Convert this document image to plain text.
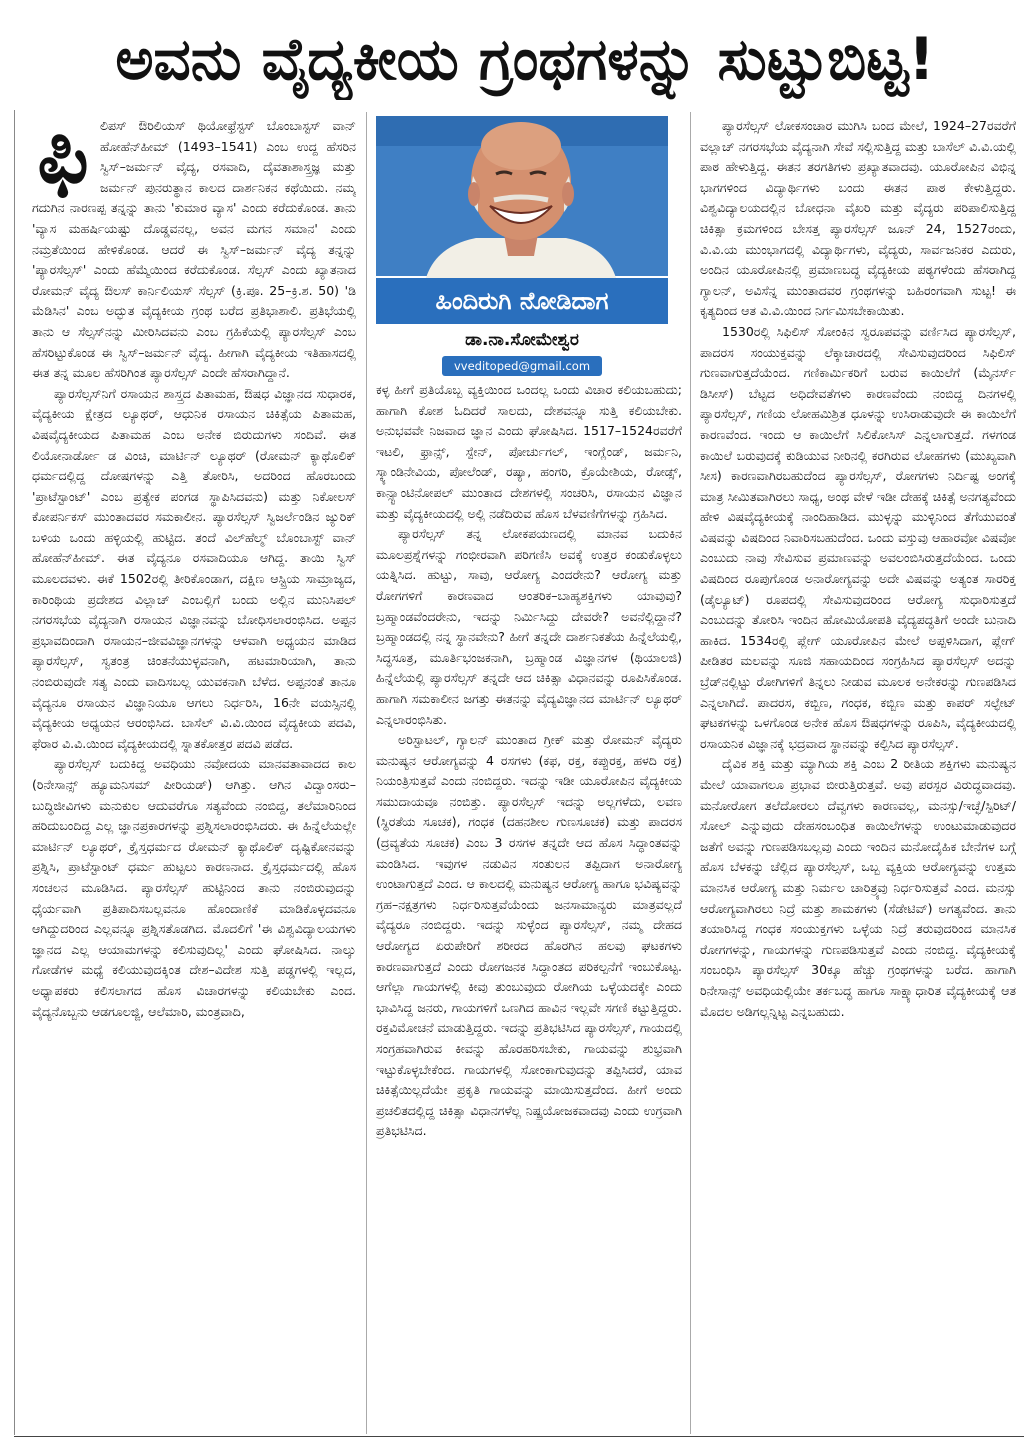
ಅವನು ವೈದ್ಯಕೀಯ ಗ್ರಂಥಗಳನ್ನು ಸುಟ್ಟುಬಿಟ್ಟ!
ಫಿ ಲಿಪಸ್ ಔರಿಲಿಯಸ್ ಥಿಯೋಫ್ರೆಸ್ಟಸ್ ಬೊಂಬಾಸ್ಟಸ್ ವಾನ್ ಹೋಹೆನ್‌ಹೀಮ್ (1493–1541) ಎಂಬ ಉದ್ದ ಹೆಸರಿನ ಸ್ವಿಸ್–ಜರ್ಮನ್ ವೈದ್ಯ, ರಸವಾದಿ, ದೈವತಾಶಾಸ್ತ್ರಜ್ಞ ಮತ್ತು ಜರ್ಮನ್ ಪುನರುತ್ಥಾನ ಕಾಲದ ದಾರ್ಶನಿಕನ ಕಥೆಯಿದು. ನಮ್ಮ ಗದುಗಿನ ನಾರಣಪ್ಪ ತನ್ನನ್ನು ತಾನು 'ಕುಮಾರ ವ್ಯಾಸ' ಎಂದು ಕರೆದುಕೊಂಡ. ತಾನು 'ವ್ಯಾಸ ಮಹರ್ಷಿಯಷ್ಟು ದೊಡ್ಡವನಲ್ಲ, ಅವನ ಮಗನ ಸಮಾನ' ಎಂದು ನಮ್ರತೆಯಿಂದ ಹೇಳಿಕೊಂಡ. ಆದರೆ ಈ ಸ್ವಿಸ್–ಜರ್ಮನ್ ವೈದ್ಯ ತನ್ನನ್ನು 'ಪ್ಯಾರಸೆಲ್ಸಸ್' ಎಂದು ಹೆಮ್ಮೆಯಿಂದ ಕರೆದುಕೊಂಡ. ಸೆಲ್ಸಸ್ ಎಂದು ಖ್ಯಾತನಾದ ರೋಮನ್ ವೈದ್ಯ ಔಲಸ್ ಕಾರ್ನಿಲಿಯಸ್ ಸೆಲ್ಸಸ್ (ಕ್ರಿ.ಪೂ. 25–ಕ್ರಿ.ಶ. 50) 'ಡಿ ಮೆಡಿಸಿನ' ಎಂಬ ಅದ್ಭುತ ವೈದ್ಯಕೀಯ ಗ್ರಂಥ ಬರೆದ ಪ್ರತಿಭಾಶಾಲಿ. ಪ್ರತಿಭೆಯಲ್ಲಿ ತಾನು ಆ ಸೆಲ್ಸಸ್‌ನನ್ನು ಮೀರಿಸಿದವನು ಎಂಬ ಗ್ರಹಿಕೆಯಲ್ಲಿ ಪ್ಯಾರಸೆಲ್ಸಸ್ ಎಂಬ ಹೆಸರಿಟ್ಟುಕೊಂಡ ಈ ಸ್ವಿಸ್–ಜರ್ಮನ್ ವೈದ್ಯ. ಹೀಗಾಗಿ ವೈದ್ಯಕೀಯ ಇತಿಹಾಸದಲ್ಲಿ ಈತ ತನ್ನ ಮೂಲ ಹೆಸರಿಗಿಂತ ಪ್ಯಾರಸೆಲ್ಸಸ್ ಎಂದೇ ಹೆಸರಾಗಿದ್ದಾನೆ.

ಪ್ಯಾರಸೆಲ್ಸಸ್‌ನಿಗೆ ರಸಾಯನ ಶಾಸ್ತ್ರದ ಪಿತಾಮಹ, ಔಷಧ ವಿಜ್ಞಾನದ ಸುಧಾರಕ, ವೈದ್ಯಕೀಯ ಕ್ಷೇತ್ರದ ಲ್ಯೂಥರ್, ಆಧುನಿಕ ರಸಾಯನ ಚಿಕಿತ್ಸೆಯ ಪಿತಾಮಹ, ವಿಷವೈದ್ಯಕೀಯದ ಪಿತಾಮಹ ಎಂಬ ಅನೇಕ ಬಿರುದುಗಳು ಸಂದಿವೆ. ಈತ ಲಿಯೋನಾರ್ಡೋ ಡ ವಿಂಚಿ, ಮಾರ್ಟಿನ್ ಲ್ಯೂಥರ್ (ರೋಮನ್ ಕ್ಯಾಥೊಲಿಕ್ ಧರ್ಮದಲ್ಲಿದ್ದ ದೋಷಗಳನ್ನು ಎತ್ತಿ ತೋರಿಸಿ, ಅದರಿಂದ ಹೊರಬಂದು 'ಪ್ರಾಟೆಸ್ಟಾಂಟ್' ಎಂಬ ಪ್ರತ್ಯೇಕ ಪಂಗಡ ಸ್ಥಾಪಿಸಿದವನು) ಮತ್ತು ನಿಕೋಲಸ್ ಕೋಪರ್ನಿಕಸ್ ಮುಂತಾದವರ ಸಮಕಾಲೀನ. ಪ್ಯಾರಸೆಲ್ಸಸ್ ಸ್ವಿಜರ್ಲೆಂಡಿನ ಜ್ಯುರಿಕ್ ಬಳಿಯ ಒಂದು ಹಳ್ಳಿಯಲ್ಲಿ ಹುಟ್ಟಿದ. ತಂದೆ ವಿಲ್‌ಹೆಲ್ಮ್ ಬೊಂಬಾಸ್ಟ್ ವಾನ್ ಹೋಹೆನ್‌ಹೀಮ್. ಈತ ವೈದ್ಯನೂ ರಸವಾದಿಯೂ ಆಗಿದ್ದ. ತಾಯಿ ಸ್ವಿಸ್ ಮೂಲದವಳು. ಈಕೆ 1502ರಲ್ಲಿ ತೀರಿಕೊಂಡಾಗ, ದಕ್ಷಿಣ ಆಸ್ಟ್ರಿಯ ಸಾಮ್ರಾಜ್ಯದ, ಕಾರಿಂಥಿಯ ಪ್ರದೇಶದ ವಿಲ್ಲಾಚ್ ಎಂಬಲ್ಲಿಗೆ ಬಂದು ಅಲ್ಲಿನ ಮುನಿಸಿಪಲ್ ನಗರಸಭೆಯ ವೈದ್ಯನಾಗಿ ರಸಾಯನ ವಿಜ್ಞಾನವನ್ನು ಬೋಧಿಸಲಾರಂಭಿಸಿದ. ಅಪ್ಪನ ಪ್ರಭಾವದಿಂದಾಗಿ ರಸಾಯನ–ಜೀವವಿಜ್ಞಾನಗಳನ್ನು ಆಳವಾಗಿ ಅಧ್ಯಯನ ಮಾಡಿದ ಪ್ಯಾರಸೆಲ್ಸಸ್, ಸ್ವತಂತ್ರ ಚಿಂತನೆಯುಳ್ಳವನಾಗಿ, ಹಟಮಾರಿಯಾಗಿ, ತಾನು ನಂಬಿರುವುದೇ ಸತ್ಯ ಎಂದು ವಾದಿಸಬಲ್ಲ ಯುವಕನಾಗಿ ಬೆಳೆದ. ಅಪ್ಪನಂತೆ ತಾನೂ ವೈದ್ಯನೂ ರಸಾಯನ ವಿಜ್ಞಾನಿಯೂ ಆಗಲು ನಿರ್ಧರಿಸಿ, 16ನೇ ವಯಸ್ಸಿನಲ್ಲಿ ವೈದ್ಯಕೀಯ ಅಧ್ಯಯನ ಆರಂಭಿಸಿದ. ಬಾಸೆಲ್ ವಿ.ವಿ.ಯಿಂದ ವೈದ್ಯಕೀಯ ಪದವಿ, ಫೆರಾರ ವಿ.ವಿ.ಯಿಂದ ವೈದ್ಯಕೀಯದಲ್ಲಿ ಸ್ನಾತಕೋತ್ತರ ಪದವಿ ಪಡೆದ.

ಪ್ಯಾರಸೆಲ್ಸಸ್ ಬದುಕಿದ್ದ ಅವಧಿಯು ನವೋದಯ ಮಾನವತಾವಾದದ ಕಾಲ (ರಿನೇಸಾನ್ಸ್ ಹ್ಯೂಮನಿಸಮ್ ಪೀರಿಯಡ್) ಆಗಿತ್ತು. ಆಗಿನ ವಿದ್ವಾಂಸರು–ಬುದ್ಧಿಜೀವಿಗಳು ಮನುಕುಲ ಆದುವರೆಗೂ ಸತ್ಯವೆಂದು ನಂಬಿದ್ದ, ತಲೆಮಾರಿನಿಂದ ಹರಿದುಬಂದಿದ್ದ ಎಲ್ಲ ಜ್ಞಾನಪ್ರಕಾರಗಳನ್ನು ಪ್ರಶ್ನಿಸಲಾರಂಭಿಸಿದರು. ಈ ಹಿನ್ನೆಲೆಯಲ್ಲೇ ಮಾರ್ಟಿನ್ ಲ್ಯೂಥರ್, ಕ್ರೈಸ್ತಧರ್ಮದ ರೋಮನ್ ಕ್ಯಾಥೊಲಿಕ್ ದೃಷ್ಟಿಕೋನವನ್ನು ಪ್ರಶ್ನಿಸಿ, ಪ್ರಾಟೆಸ್ಟಾಂಟ್ ಧರ್ಮ ಹುಟ್ಟಲು ಕಾರಣನಾದ. ಕ್ರೈಸ್ತಧರ್ಮದಲ್ಲಿ ಹೊಸ ಸಂಚಲನ ಮೂಡಿಸಿದ. ಪ್ಯಾರಸೆಲ್ಸಸ್ ಹುಟ್ಟಿನಿಂದ ತಾನು ನಂಬಿರುವುದನ್ನು ಧೈರ್ಯವಾಗಿ ಪ್ರತಿಪಾದಿಸಬಲ್ಲವನೂ ಹೊಂದಾಣಿಕೆ ಮಾಡಿಕೊಳ್ಳದವನೂ ಆಗಿದ್ದುದರಿಂದ ಎಲ್ಲವನ್ನೂ ಪ್ರಶ್ನಿಸತೊಡಗಿದ. ಮೊದಲಿಗೆ 'ಈ ವಿಶ್ವವಿದ್ಯಾಲಯಗಳು ಜ್ಞಾನದ ಎಲ್ಲ ಆಯಾಮಗಳನ್ನು ಕಲಿಸುವುದಿಲ್ಲ' ಎಂದು ಘೋಷಿಸಿದ. ನಾಲ್ಕು ಗೋಡೆಗಳ ಮಧ್ಯೆ ಕಲಿಯುವುದಕ್ಕಿಂತ ದೇಶ–ವಿದೇಶ ಸುತ್ತಿ ಪಡ್ಡಗಳಲ್ಲಿ ಇಲ್ಲದ, ಅಧ್ಯಾಪಕರು ಕಲಿಸಲಾಗದ ಹೊಸ ವಿಚಾರಗಳನ್ನು ಕಲಿಯಬೇಕು ಎಂದ. ವೈದ್ಯನೊಬ್ಬನು ಆಡಗೂಲಜ್ಜಿ, ಆಲೆಮಾರಿ, ಮಂತ್ರವಾದಿ,

ಹಿಂದಿರುಗಿ ನೋಡಿದಾಗ
ಡಾ.ನಾ.ಸೋಮೇಶ್ವರ
vveditoped@gmail.com

ಕಳ್ಳ ಹೀಗೆ ಪ್ರತಿಯೊಬ್ಬ ವ್ಯಕ್ತಿಯಿಂದ ಒಂದಲ್ಲ ಒಂದು ವಿಚಾರ ಕಲಿಯಬಹುದು; ಹಾಗಾಗಿ ಕೋಶ ಓದಿದರೆ ಸಾಲದು, ದೇಶವನ್ನೂ ಸುತ್ತಿ ಕಲಿಯಬೇಕು. ಅನುಭವವೇ ನಿಜವಾದ ಜ್ಞಾನ ಎಂದು ಘೋಷಿಸಿದ. 1517–1524ರವರೆಗೆ ಇಟಲಿ, ಫ್ರಾನ್ಸ್, ಸ್ಪೇನ್, ಪೋರ್ಚುಗಲ್, ಇಂಗ್ಲೆಂಡ್, ಜರ್ಮನಿ, ಸ್ಕ್ಯಾಂಡಿನೇವಿಯ, ಪೋಲೆಂಡ್, ರಷ್ಯಾ, ಹಂಗರಿ, ಕ್ರೊಯೇಶಿಯ, ರೋಡ್ಸ್, ಕಾನ್ಸ್ಟಾಂಟಿನೋಪಲ್ ಮುಂತಾದ ದೇಶಗಳಲ್ಲಿ ಸಂಚರಿಸಿ, ರಸಾಯನ ವಿಜ್ಞಾನ ಮತ್ತು ವೈದ್ಯಕೀಯದಲ್ಲಿ ಅಲ್ಲಿ ನಡೆದಿರುವ ಹೊಸ ಬೆಳವಣಿಗೆಗಳನ್ನು ಗ್ರಹಿಸಿದ.

ಪ್ಯಾರಸೆಲ್ಸಸ್ ತನ್ನ ಲೋಕಪಯಣದಲ್ಲಿ ಮಾನವ ಬದುಕಿನ ಮೂಲಪ್ರಶ್ನೆಗಳನ್ನು ಗಂಭೀರವಾಗಿ ಪರಿಗಣಿಸಿ ಅವಕ್ಕೆ ಉತ್ತರ ಕಂಡುಕೊಳ್ಳಲು ಯತ್ನಿಸಿದ. ಹುಟ್ಟು, ಸಾವು, ಆರೋಗ್ಯ ಎಂದರೇನು? ಆರೋಗ್ಯ ಮತ್ತು ರೋಗಗಳಿಗೆ ಕಾರಣವಾದ ಆಂತರಿಕ–ಬಾಹ್ಯಶಕ್ತಿಗಳು ಯಾವುವು? ಬ್ರಹ್ಮಾಂಡವೆಂದರೇನು, ಇದನ್ನು ನಿರ್ಮಿಸಿದ್ದು ದೇವರೇ? ಅವನೆಲ್ಲಿದ್ದಾನೆ? ಬ್ರಹ್ಮಾಂಡದಲ್ಲಿ ನನ್ನ ಸ್ಥಾನವೇನು? ಹೀಗೆ ತನ್ನದೇ ದಾರ್ಶನಿಕತೆಯ ಹಿನ್ನೆಲೆಯಲ್ಲಿ, ಸಿದ್ಧಸೂತ್ರ, ಮೂರ್ತಿಭಂಜಕನಾಗಿ, ಬ್ರಹ್ಮಾಂಡ ವಿಜ್ಞಾನಗಳ (ಥಿಯಾಲಜಿ) ಹಿನ್ನೆಲೆಯಲ್ಲಿ ಪ್ಯಾರಸೆಲ್ಸಸ್ ತನ್ನದೇ ಆದ ಚಿಕಿತ್ಸಾ ವಿಧಾನವನ್ನು ರೂಪಿಸಿಕೊಂಡ. ಹಾಗಾಗಿ ಸಮಕಾಲೀನ ಜಗತ್ತು ಈತನನ್ನು ವೈದ್ಯವಿಜ್ಞಾನದ ಮಾರ್ಟಿನ್ ಲ್ಯೂಥರ್ ಎನ್ನಲಾರಂಭಿಸಿತು.

ಅರಿಸ್ಟಾಟಲ್, ಗ್ಯಾಲನ್ ಮುಂತಾದ ಗ್ರೀಕ್ ಮತ್ತು ರೋಮನ್ ವೈದ್ಯರು ಮನುಷ್ಯನ ಆರೋಗ್ಯವನ್ನು 4 ರಸಗಳು (ಕಫ, ರಕ್ತ, ಕಪ್ಪುರಕ್ತ, ಹಳದಿ ರಕ್ತ) ನಿಯಂತ್ರಿಸುತ್ತವೆ ಎಂದು ನಂಬಿದ್ದರು. ಇದನ್ನು ಇಡೀ ಯೂರೋಪಿನ ವೈದ್ಯಕೀಯ ಸಮುದಾಯವೂ ನಂಬಿತ್ತು. ಪ್ಯಾರಸೆಲ್ಸಸ್ ಇದನ್ನು ಅಲ್ಲಗಳೆದು, ಲವಣ (ಸ್ಥಿರತೆಯ ಸೂಚಕ), ಗಂಧಕ (ದಹನಶೀಲ ಗುಣಸೂಚಕ) ಮತ್ತು ಪಾದರಸ (ದ್ರವ್ಯತೆಯ ಸೂಚಕ) ಎಂಬ 3 ರಸಗಳ ತನ್ನದೇ ಆದ ಹೊಸ ಸಿದ್ಧಾಂತವನ್ನು ಮಂಡಿಸಿದ. ಇವುಗಳ ನಡುವಿನ ಸಂತುಲನ ತಪ್ಪಿದಾಗ ಅನಾರೋಗ್ಯ ಉಂಟಾಗುತ್ತದೆ ಎಂದ. ಆ ಕಾಲದಲ್ಲಿ ಮನುಷ್ಯನ ಆರೋಗ್ಯ ಹಾಗೂ ಭವಿಷ್ಯವನ್ನು ಗ್ರಹ–ನಕ್ಷತ್ರಗಳು ನಿರ್ಧರಿಸುತ್ತವೆಯೆಂದು ಜನಸಾಮಾನ್ಯರು ಮಾತ್ರವಲ್ಲದೆ ವೈದ್ಯರೂ ನಂಬಿದ್ದರು. ಇದನ್ನು ಸುಳ್ಳೆಂದ ಪ್ಯಾರಸೆಲ್ಸಸ್, ನಮ್ಮ ದೇಹದ ಆರೋಗ್ಯದ ಏರುಪೇರಿಗೆ ಶರೀರದ ಹೊರಗಿನ ಹಲವು ಘಟಕಗಳು ಕಾರಣವಾಗುತ್ತದೆ ಎಂದು ರೋಗಜನಕ ಸಿದ್ಧಾಂತದ ಪರಿಕಲ್ಪನೆಗೆ ಇಂಬುಕೊಟ್ಟ. ಆಗೆಲ್ಲಾ ಗಾಯಗಳಲ್ಲಿ ಕೀವು ತುಂಬುವುದು ರೋಗಿಯ ಒಳ್ಳೆಯದಕ್ಕೇ ಎಂದು ಭಾವಿಸಿದ್ದ ಜನರು, ಗಾಯಗಳಿಗೆ ಒಣಗಿದ ಹಾವಿನ ಇಲ್ಲವೇ ಸಗಣಿ ಕಟ್ಟುತ್ತಿದ್ದರು. ರಕ್ತವಿಮೋಚನೆ ಮಾಡುತ್ತಿದ್ದರು. ಇದನ್ನು ಪ್ರತಿಭಟಿಸಿದ ಪ್ಯಾರಸೆಲ್ಸಸ್, ಗಾಯದಲ್ಲಿ ಸಂಗ್ರಹವಾಗಿರುವ ಕೀವನ್ನು ಹೊರಹರಿಸಬೇಕು, ಗಾಯವನ್ನು ಶುಭ್ರವಾಗಿ ಇಟ್ಟುಕೊಳ್ಳಬೇಕೆಂದ. ಗಾಯಗಳಲ್ಲಿ ಸೋಂಕಾಗುವುದನ್ನು ತಪ್ಪಿಸಿದರೆ, ಯಾವ ಚಿಕಿತ್ಸೆಯಿಲ್ಲದೆಯೇ ಪ್ರಕೃತಿ ಗಾಯವನ್ನು ಮಾಯಿಸುತ್ತದೆಂದ. ಹೀಗೆ ಅಂದು ಪ್ರಚಲಿತದಲ್ಲಿದ್ದ ಚಿಕಿತ್ಸಾ ವಿಧಾನಗಳೆಲ್ಲ ನಿಷ್ಪ್ರಯೋಜಕವಾದವು ಎಂದು ಉಗ್ರವಾಗಿ ಪ್ರತಿಭಟಿಸಿದ.

ಪ್ಯಾರಸೆಲ್ಸಸ್ ಲೋಕಸಂಚಾರ ಮುಗಿಸಿ ಬಂದ ಮೇಲೆ, 1924–27ರವರೆಗೆ ವಲ್ಲಾಚ್ ನಗರಸಭೆಯ ವೈದ್ಯನಾಗಿ ಸೇವೆ ಸಲ್ಲಿಸುತ್ತಿದ್ದ ಮತ್ತು ಬಾಸೆಲ್ ವಿ.ವಿ.ಯಲ್ಲಿ ಪಾಠ ಹೇಳುತ್ತಿದ್ದ. ಈತನ ತರಗತಿಗಳು ಪ್ರಖ್ಯಾತವಾದವು. ಯೂರೋಪಿನ ವಿಭಿನ್ನ ಭಾಗಗಳಿಂದ ವಿದ್ಯಾರ್ಥಿಗಳು ಬಂದು ಈತನ ಪಾಠ ಕೇಳುತ್ತಿದ್ದರು. ವಿಶ್ವವಿದ್ಯಾಲಯದಲ್ಲಿನ ಬೋಧನಾ ವೈಖರಿ ಮತ್ತು ವೈದ್ಯರು ಪರಿಪಾಲಿಸುತ್ತಿದ್ದ ಚಿಕಿತ್ಸಾ ಕ್ರಮಗಳಿಂದ ಬೇಸತ್ತ ಪ್ಯಾರಸೆಲ್ಸಸ್ ಜೂನ್ 24, 1527ರಂದು, ವಿ.ವಿ.ಯ ಮುಂಭಾಗದಲ್ಲಿ ವಿದ್ಯಾರ್ಥಿಗಳು, ವೈದ್ಯರು, ಸಾರ್ವಜನಿಕರ ಎದುರು, ಅಂದಿನ ಯೂರೋಪಿನಲ್ಲಿ ಪ್ರಮಾಣಬದ್ಧ ವೈದ್ಯಕೀಯ ಪಠ್ಯಗಳೆಂದು ಹೆಸರಾಗಿದ್ದ ಗ್ಯಾಲನ್, ಅವಿಸೆನ್ನ ಮುಂತಾದವರ ಗ್ರಂಥಗಳನ್ನು ಬಹಿರಂಗವಾಗಿ ಸುಟ್ಟ! ಈ ಕೃತ್ಯದಿಂದ ಆತ ವಿ.ವಿ.ಯಿಂದ ನಿರ್ಗಮಿಸಬೇಕಾಯಿತು.

1530ರಲ್ಲಿ ಸಿಫಿಲಿಸ್ ಸೋಂಕಿನ ಸ್ವರೂಪವನ್ನು ವರ್ಣಿಸಿದ ಪ್ಯಾರಸೆಲ್ಸಸ್, ಪಾದರಸ ಸಂಯುಕ್ತವನ್ನು ಲೆಕ್ಕಾಚಾರದಲ್ಲಿ ಸೇವಿಸುವುದರಿಂದ ಸಿಫಿಲಿಸ್ ಗುಣವಾಗುತ್ತದೆಯೆಂದ. ಗಣಿಕಾರ್ಮಿಕರಿಗೆ ಬರುವ ಕಾಯಿಲೆಗೆ (ಮೈನರ್ಸ್ ಡಿಸೀಸ್) ಬೆಟ್ಟದ ಅಧಿದೇವತೆಗಳು ಕಾರಣವೆಂದು ನಂಬಿದ್ದ ದಿನಗಳಲ್ಲಿ ಪ್ಯಾರಸೆಲ್ಸಸ್, ಗಣಿಯ ಲೋಹಮಿಶ್ರಿತ ಧೂಳನ್ನು ಉಸಿರಾಡುವುದೇ ಈ ಕಾಯಿಲೆಗೆ ಕಾರಣವೆಂದ. ಇಂದು ಆ ಕಾಯಿಲೆಗೆ ಸಿಲಿಕೋಸಿಸ್ ಎನ್ನಲಾಗುತ್ತದೆ. ಗಳಗಂಡ ಕಾಯಿಲೆ ಬರುವುದಕ್ಕೆ ಕುಡಿಯುವ ನೀರಿನಲ್ಲಿ ಕರಗಿರುವ ಲೋಹಗಳು (ಮುಖ್ಯವಾಗಿ ಸೀಸ) ಕಾರಣವಾಗಿರಬಹುದೆಂದ ಪ್ಯಾರಸೆಲ್ಸಸ್, ರೋಗಗಳು ನಿರ್ದಿಷ್ಟ ಅಂಗಕ್ಕೆ ಮಾತ್ರ ಸೀಮಿತವಾಗಿರಲು ಸಾಧ್ಯ, ಅಂಥ ವೇಳೆ ಇಡೀ ದೇಹಕ್ಕೆ ಚಿಕಿತ್ಸೆ ಅನಗತ್ಯವೆಂದು ಹೇಳಿ ವಿಷವೈದ್ಯಕೀಯಕ್ಕೆ ನಾಂದಿಹಾಡಿದ. ಮುಳ್ಳನ್ನು ಮುಳ್ಳಿನಿಂದ ತೆಗೆಯುವಂತೆ ವಿಷವನ್ನು ವಿಷದಿಂದ ನಿವಾರಿಸಬಹುದೆಂದ. ಒಂದು ವಸ್ತುವು ಆಹಾರವೋ ವಿಷವೋ ಎಂಬುದು ನಾವು ಸೇವಿಸುವ ಪ್ರಮಾಣವನ್ನು ಅವಲಂಬಿಸಿರುತ್ತದೆಯೆಂದ. ಒಂದು ವಿಷದಿಂದ ರೂಪುಗೊಂಡ ಅನಾರೋಗ್ಯವನ್ನು ಅದೇ ವಿಷವನ್ನು ಅತ್ಯಂತ ಸಾರರಿಕ್ತ (ಡೈಲ್ಯೂಟ್) ರೂಪದಲ್ಲಿ ಸೇವಿಸುವುದರಿಂದ ಆರೋಗ್ಯ ಸುಧಾರಿಸುತ್ತದೆ ಎಂಬುದನ್ನು ತೋರಿಸಿ ಇಂದಿನ ಹೋಮಿಯೋಪತಿ ವೈದ್ಯಪದ್ಧತಿಗೆ ಅಂದೇ ಬುನಾದಿ ಹಾಕಿದ. 1534ರಲ್ಲಿ ಪ್ಲೇಗ್ ಯೂರೋಪಿನ ಮೇಲೆ ಅಪ್ಪಳಿಸಿದಾಗ, ಪ್ಲೇಗ್ ಪೀಡಿತರ ಮಲವನ್ನು ಸೂಜಿ ಸಹಾಯದಿಂದ ಸಂಗ್ರಹಿಸಿದ ಪ್ಯಾರಸೆಲ್ಸಸ್ ಅದನ್ನು ಬ್ರೆಡ್‌ನಲ್ಲಿಟ್ಟು ರೋಗಿಗಳಿಗೆ ತಿನ್ನಲು ನೀಡುವ ಮೂಲಕ ಅನೇಕರನ್ನು ಗುಣಪಡಿಸಿದ ಎನ್ನಲಾಗಿದೆ. ಪಾದರಸ, ಕಬ್ಬಿಣ, ಗಂಧಕ, ಕಬ್ಬಿಣ ಮತ್ತು ಕಾಪರ್ ಸಲ್ಫೇಟ್ ಘಟಕಗಳನ್ನು ಒಳಗೊಂಡ ಅನೇಕ ಹೊಸ ಔಷಧಗಳನ್ನು ರೂಪಿಸಿ, ವೈದ್ಯಕೀಯದಲ್ಲಿ ರಸಾಯನಿಕ ವಿಜ್ಞಾನಕ್ಕೆ ಭದ್ರವಾದ ಸ್ಥಾನವನ್ನು ಕಲ್ಪಿಸಿದ ಪ್ಯಾರಸೆಲ್ಸಸ್.

ದೈವಿಕ ಶಕ್ತಿ ಮತ್ತು ಮ್ಯಾಗಿಯ ಶಕ್ತಿ ಎಂಬ 2 ರೀತಿಯ ಶಕ್ತಿಗಳು ಮನುಷ್ಯನ ಮೇಲೆ ಯಾವಾಗಲೂ ಪ್ರಭಾವ ಬೀರುತ್ತಿರುತ್ತವೆ. ಅವು ಪರಸ್ಪರ ವಿರುದ್ಧವಾದವು. ಮನೋರೋಗ ತಲೆದೋರಲು ದೆವ್ವಗಳು ಕಾರಣವಲ್ಲ, ಮನಸ್ಸು/ಇಚ್ಛೆ/ಸ್ಪಿರಿಟ್/ಸೋಲ್ ಎನ್ನುವುದು ದೇಹಸಂಬಂಧಿತ ಕಾಯಿಲೆಗಳನ್ನು ಉಂಟುಮಾಡುವುದರ ಜತೆಗೆ ಅವನ್ನು ಗುಣಪಡಿಸಬಲ್ಲವು ಎಂದು ಇಂದಿನ ಮನೋದೈಹಿಕ ಬೇನೆಗಳ ಬಗ್ಗೆ ಹೊಸ ಬೆಳಕನ್ನು ಚೆಲ್ಲಿದ ಪ್ಯಾರಸೆಲ್ಸಸ್, ಒಬ್ಬ ವ್ಯಕ್ತಿಯ ಆರೋಗ್ಯವನ್ನು ಉತ್ತಮ ಮಾನಸಿಕ ಆರೋಗ್ಯ ಮತ್ತು ನಿರ್ಮಲ ಚಾರಿತ್ರ್ಯವು ನಿರ್ಧರಿಸುತ್ತವೆ ಎಂದ. ಮನಸ್ಸು ಆರೋಗ್ಯವಾಗಿರಲು ನಿದ್ರೆ ಮತ್ತು ಶಾಮಕಗಳು (ಸೆಡೇಟಿವ್) ಅಗತ್ಯವೆಂದ. ತಾನು ತಯಾರಿಸಿದ್ದ ಗಂಧಕ ಸಂಯುಕ್ತಗಳು ಒಳ್ಳೆಯ ನಿದ್ರೆ ತರುವುದರಿಂದ ಮಾನಸಿಕ ರೋಗಗಳನ್ನು, ಗಾಯಗಳನ್ನು ಗುಣಪಡಿಸುತ್ತವೆ ಎಂದು ನಂಬಿದ್ದ. ವೈದ್ಯಕೀಯಕ್ಕೆ ಸಂಬಂಧಿಸಿ ಪ್ಯಾರಸೆಲ್ಸಸ್ 30ಕ್ಕೂ ಹೆಚ್ಚು ಗ್ರಂಥಗಳನ್ನು ಬರೆದ. ಹಾಗಾಗಿ ರಿನೇಸಾನ್ಸ್ ಅವಧಿಯಲ್ಲಿಯೇ ತರ್ಕಬದ್ಧ ಹಾಗೂ ಸಾಕ್ಷ್ಯಾಧಾರಿತ ವೈದ್ಯಕೀಯಕ್ಕೆ ಆತ ಮೊದಲ ಅಡಿಗಲ್ಲನ್ನಿಟ್ಟ ಎನ್ನಬಹುದು.
